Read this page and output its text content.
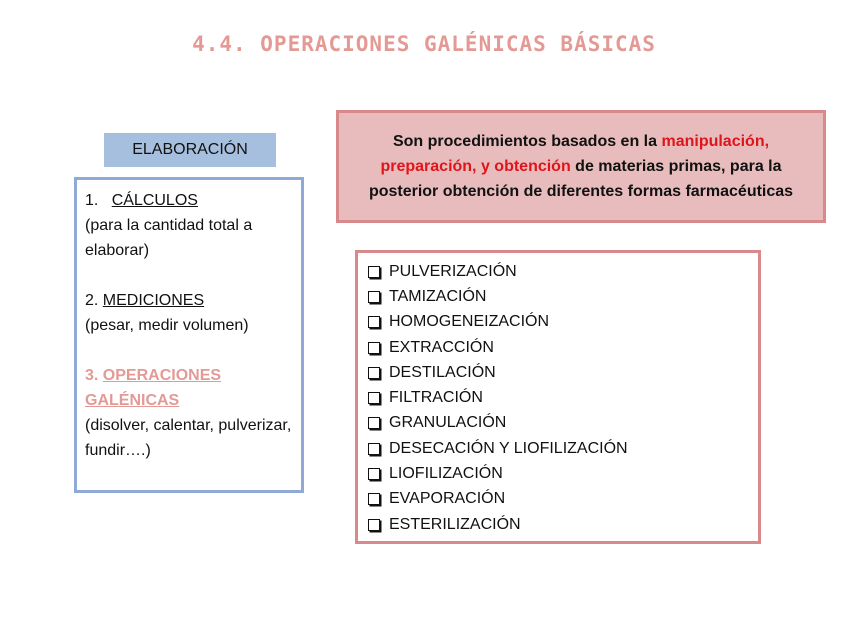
4.4. OPERACIONES GALÉNICAS BÁSICAS
ELABORACIÓN

1. CÁLCULOS

(para la cantidad total a elaborar)

2. MEDICIONES

(pesar, medir volumen)

3. OPERACIONES GALÉNICAS

(disolver, calentar, pulverizar, fundir….)

Son procedimientos basados en la manipulación, preparación, y obtención de materias primas, para la posterior obtención de diferentes formas farmacéuticas
PULVERIZACIÓN
TAMIZACIÓN
HOMOGENEIZACIÓN
EXTRACCIÓN
DESTILACIÓN
FILTRACIÓN
GRANULACIÓN
DESECACIÓN Y LIOFILIZACIÓN
LIOFILIZACIÓN
EVAPORACIÓN
ESTERILIZACIÓN
